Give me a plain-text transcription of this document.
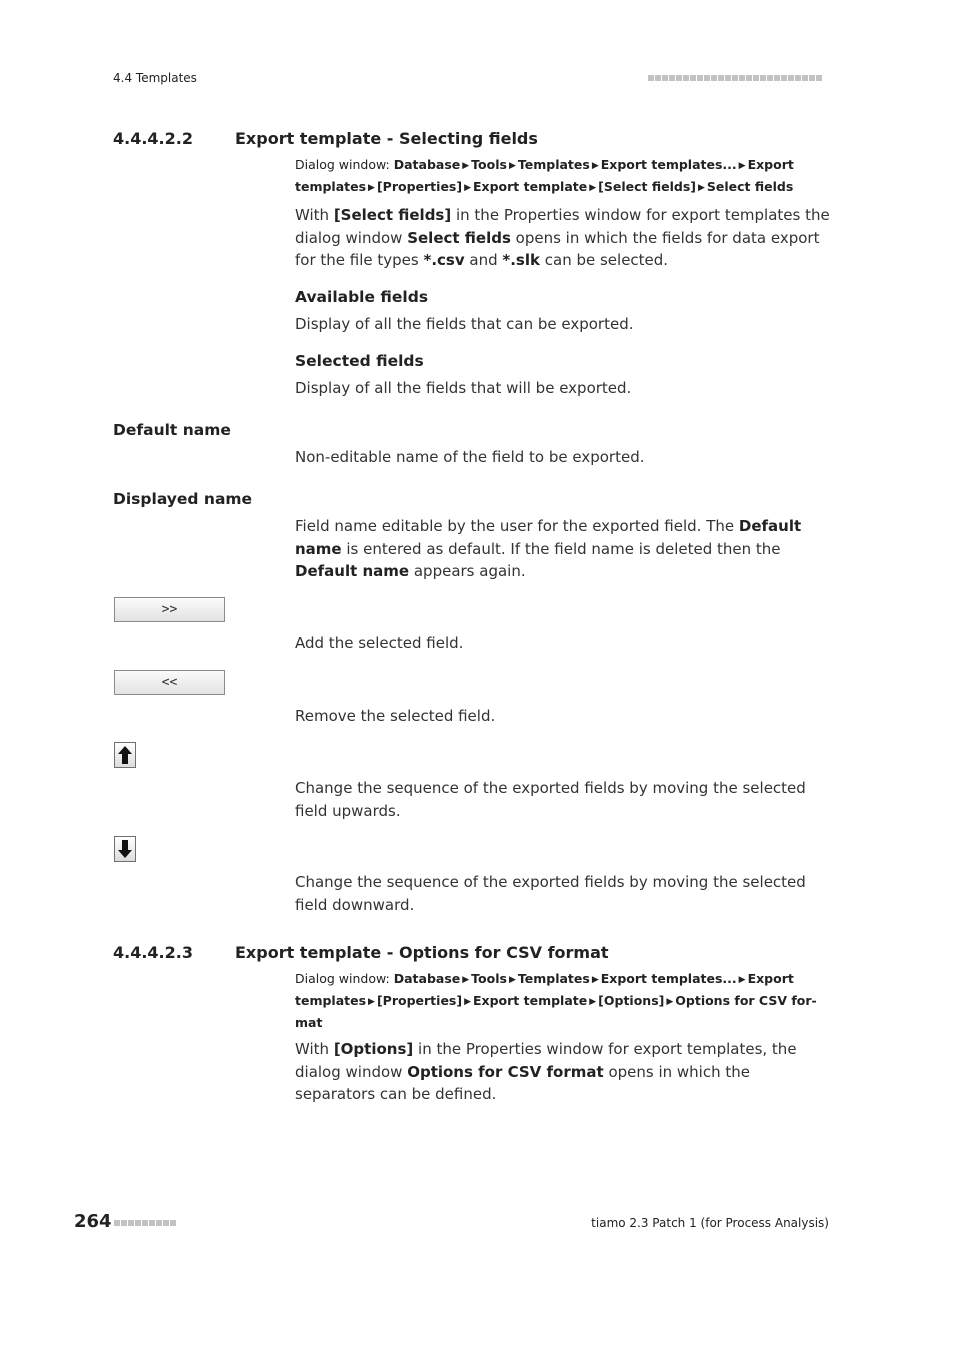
4.4 Templates
4.4.4.2.2	Export template - Selecting fields
Dialog window: Database ▶ Tools ▶ Templates ▶ Export templates... ▶ Export templates ▶ [Properties] ▶ Export template ▶ [Select fields] ▶ Select fields
With [Select fields] in the Properties window for export templates the dialog window Select fields opens in which the fields for data export for the file types *.csv and *.slk can be selected.
Available fields
Display of all the fields that can be exported.
Selected fields
Display of all the fields that will be exported.
Default name
Non-editable name of the field to be exported.
Displayed name
Field name editable by the user for the exported field. The Default name is entered as default. If the field name is deleted then the Default name appears again.
>>
Add the selected field.
<<
Remove the selected field.
Change the sequence of the exported fields by moving the selected field upwards.
Change the sequence of the exported fields by moving the selected field downward.
4.4.4.2.3	Export template - Options for CSV format
Dialog window: Database ▶ Tools ▶ Templates ▶ Export templates... ▶ Export templates ▶ [Properties] ▶ Export template ▶ [Options] ▶ Options for CSV for-mat
With [Options] in the Properties window for export templates, the dialog window Options for CSV format opens in which the separators can be defined.
264	tiamo 2.3 Patch 1 (for Process Analysis)
